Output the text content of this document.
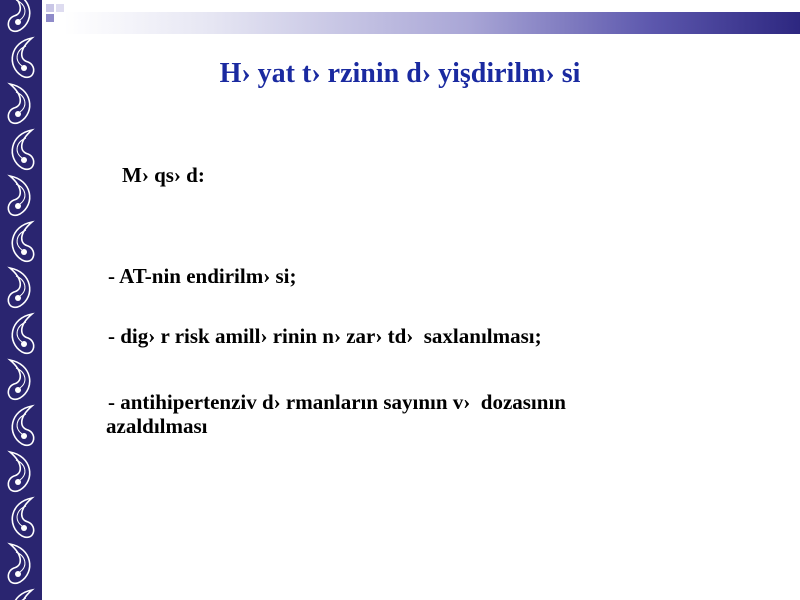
H› yat t› rzinin d› yişdirilm› si
M› qs› d:
- AT-nin endirilm› si;
- dig› r risk amill› rinin n› zar› td›  saxlanılması;
- antihipertenziv d› rmanların sayının v›  dozasının
azaldılması
